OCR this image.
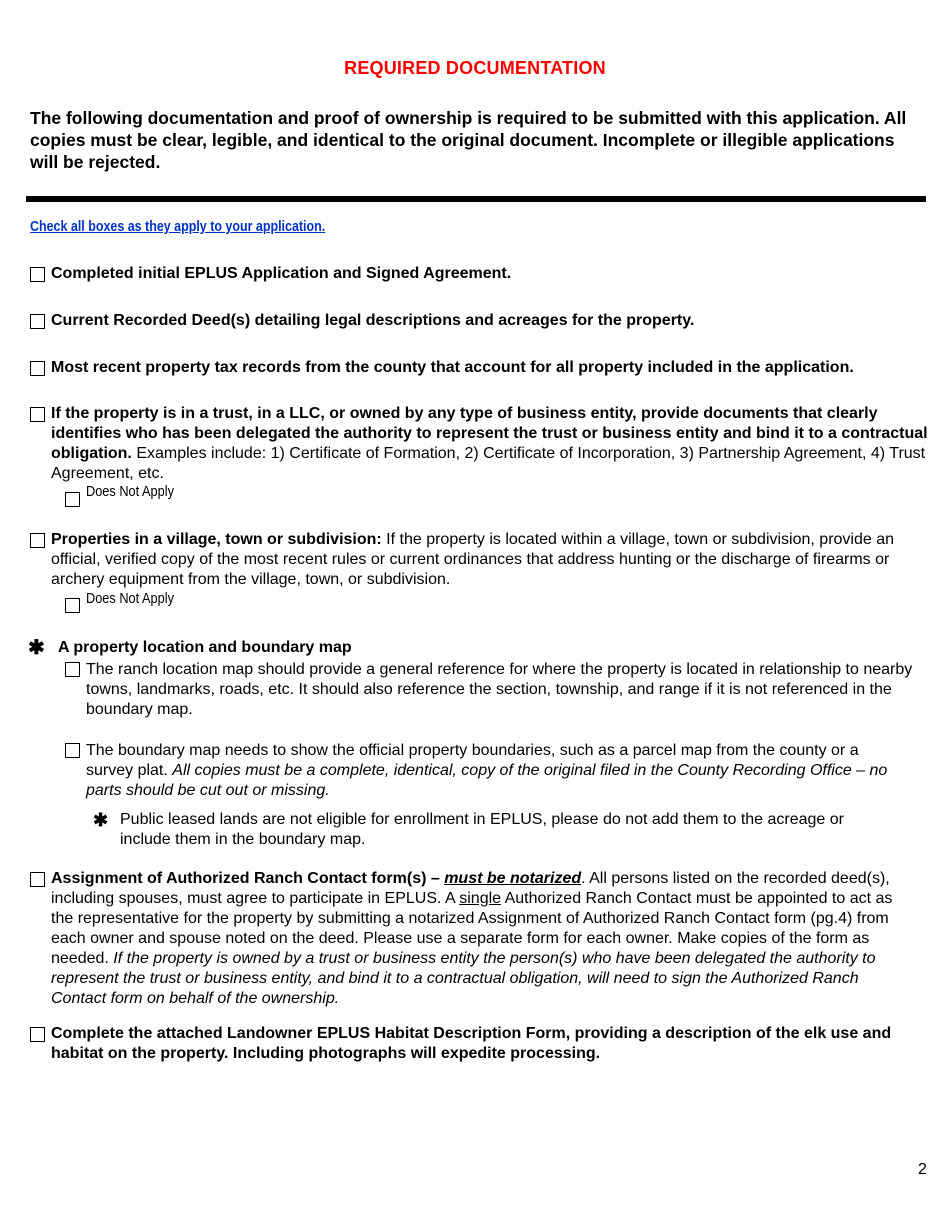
REQUIRED DOCUMENTATION
The following documentation and proof of ownership is required to be submitted with this application. All copies must be clear, legible, and identical to the original document. Incomplete or illegible applications will be rejected.
Check all boxes as they apply to your application.
Completed initial EPLUS Application and Signed Agreement.
Current Recorded Deed(s) detailing legal descriptions and acreages for the property.
Most recent property tax records from the county that account for all property included in the application.
If the property is in a trust, in a LLC, or owned by any type of business entity, provide documents that clearly identifies who has been delegated the authority to represent the trust or business entity and bind it to a contractual obligation. Examples include: 1) Certificate of Formation, 2) Certificate of Incorporation, 3) Partnership Agreement, 4) Trust Agreement, etc.
Does Not Apply
Properties in a village, town or subdivision: If the property is located within a village, town or subdivision, provide an official, verified copy of the most recent rules or current ordinances that address hunting or the discharge of firearms or archery equipment from the village, town, or subdivision.
Does Not Apply
✱ A property location and boundary map
The ranch location map should provide a general reference for where the property is located in relationship to nearby towns, landmarks, roads, etc. It should also reference the section, township, and range if it is not referenced in the boundary map.
The boundary map needs to show the official property boundaries, such as a parcel map from the county or a survey plat. All copies must be a complete, identical, copy of the original filed in the County Recording Office – no parts should be cut out or missing.
✱ Public leased lands are not eligible for enrollment in EPLUS, please do not add them to the acreage or include them in the boundary map.
Assignment of Authorized Ranch Contact form(s) – must be notarized. All persons listed on the recorded deed(s), including spouses, must agree to participate in EPLUS. A single Authorized Ranch Contact must be appointed to act as the representative for the property by submitting a notarized Assignment of Authorized Ranch Contact form (pg.4) from each owner and spouse noted on the deed. Please use a separate form for each owner. Make copies of the form as needed. If the property is owned by a trust or business entity the person(s) who have been delegated the authority to represent the trust or business entity, and bind it to a contractual obligation, will need to sign the Authorized Ranch Contact form on behalf of the ownership.
Complete the attached Landowner EPLUS Habitat Description Form, providing a description of the elk use and habitat on the property. Including photographs will expedite processing.
2
